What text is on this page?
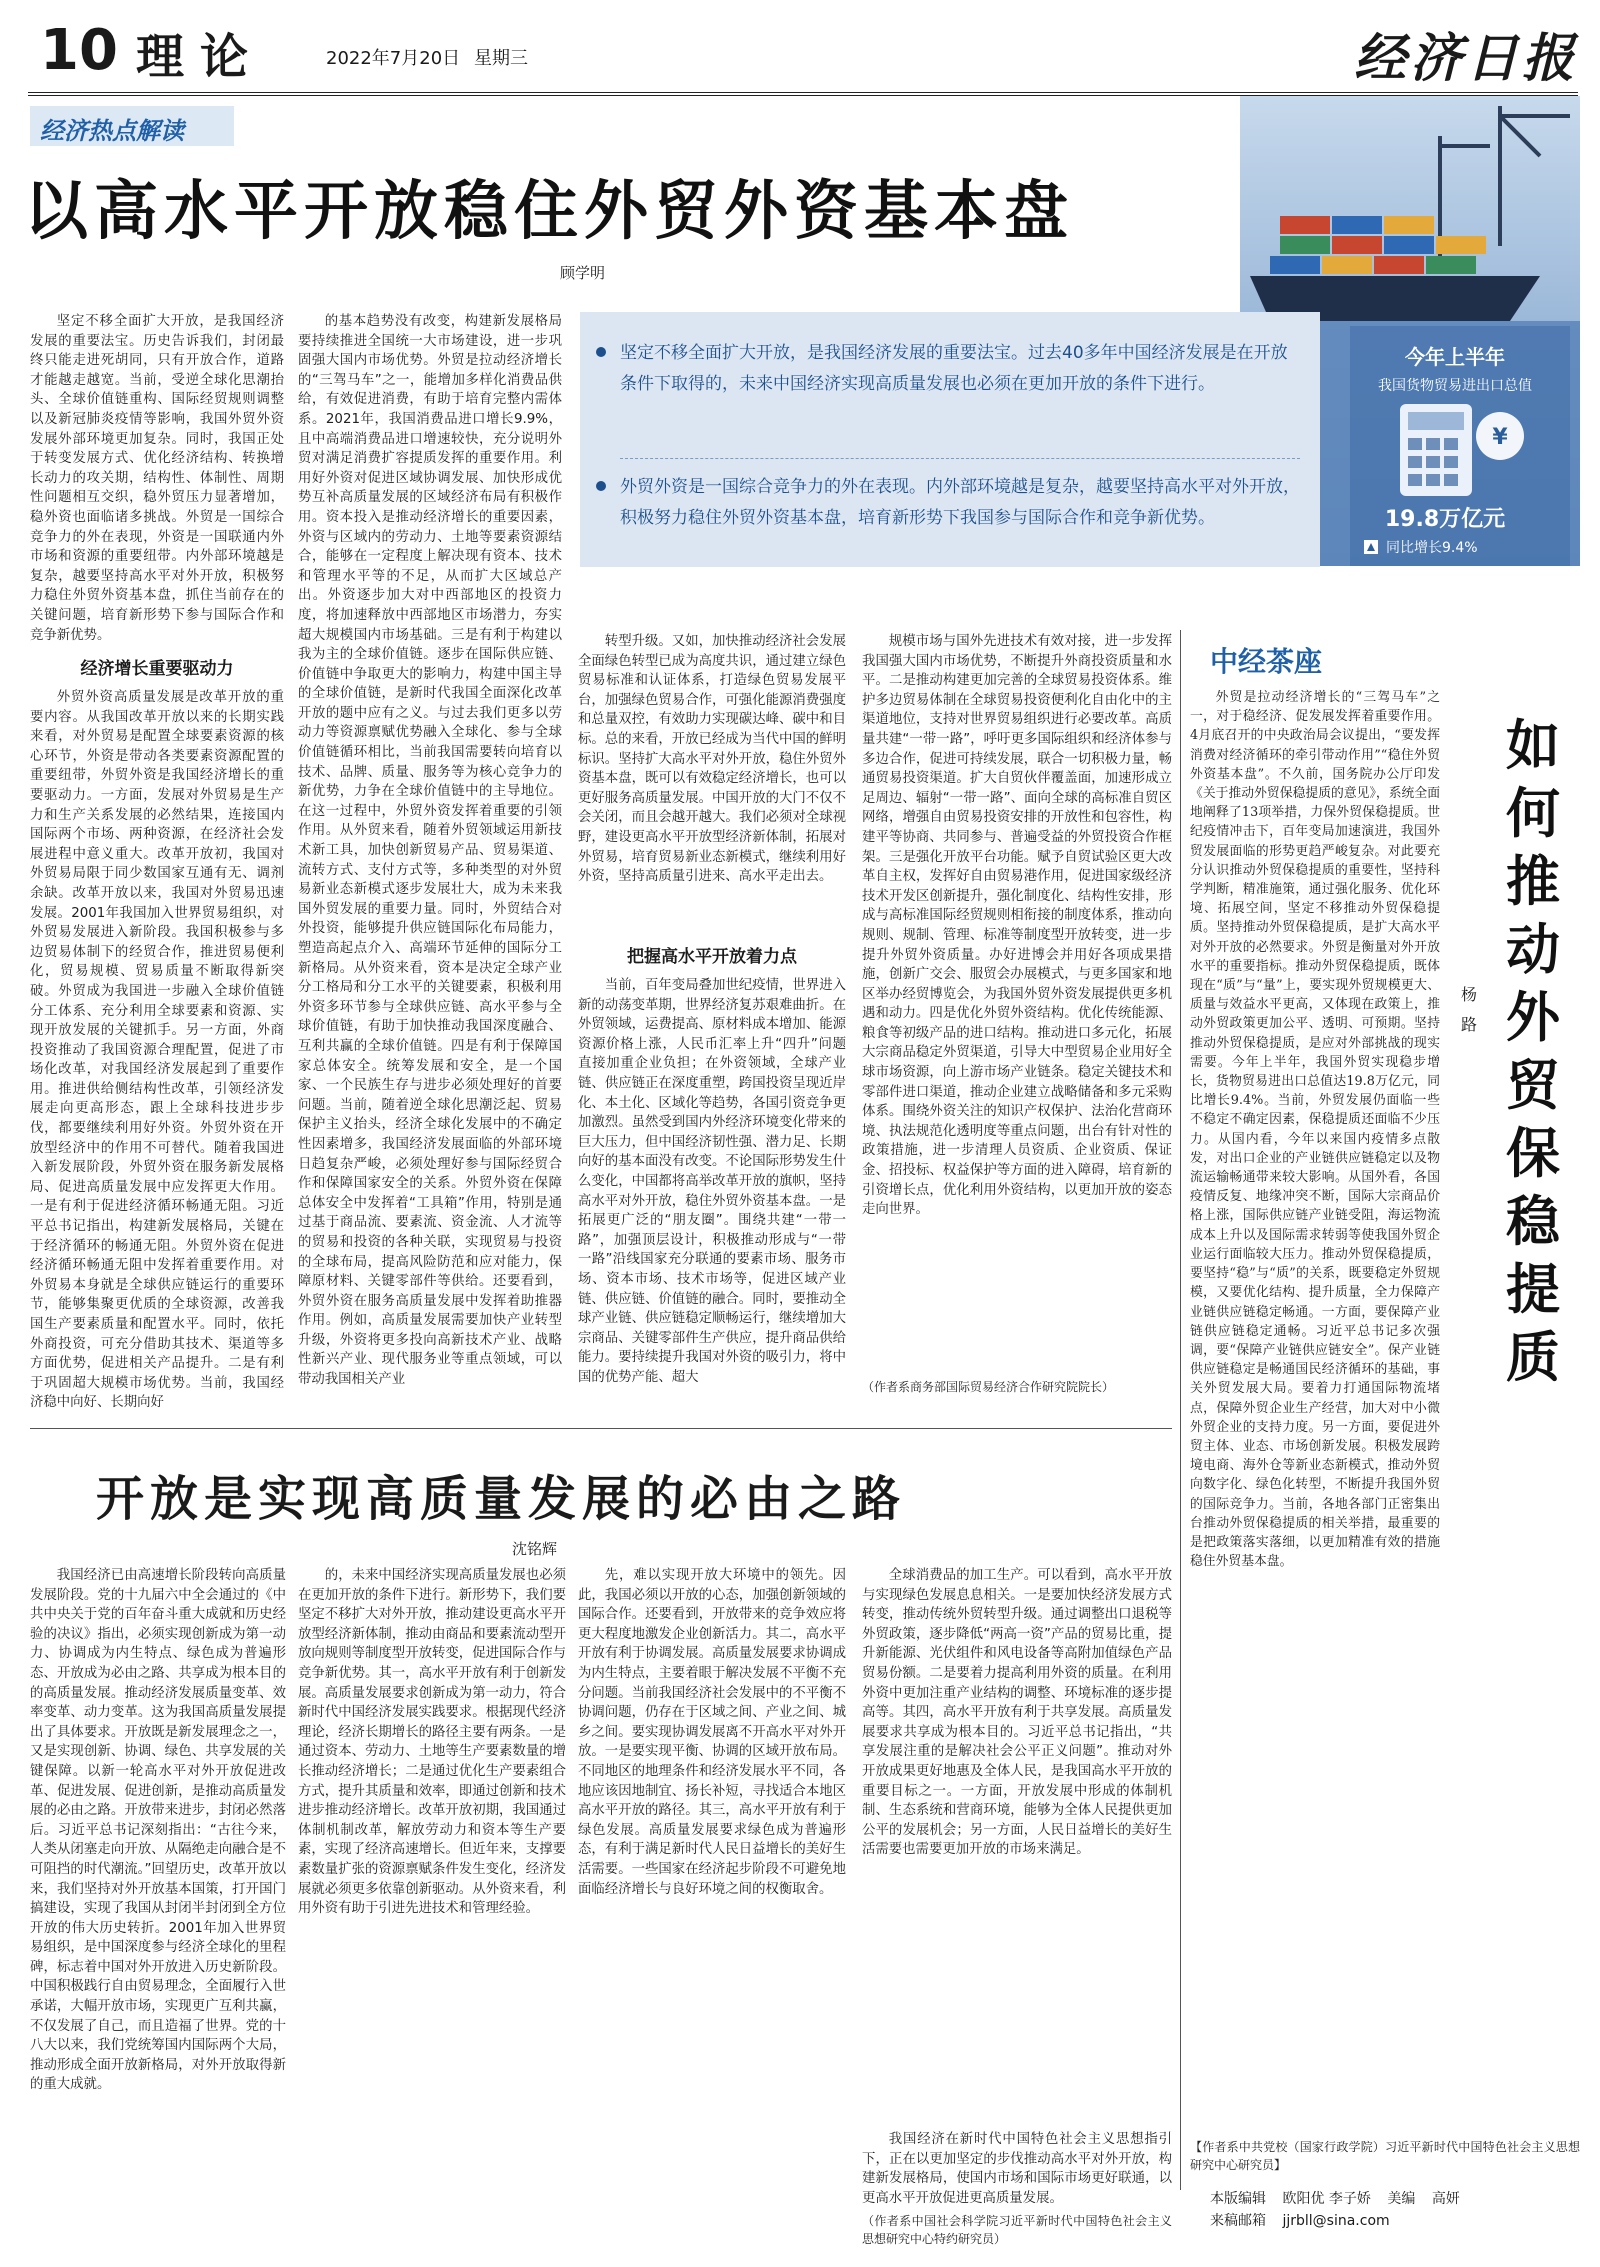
10 理论	2022年7月20日 星期三	经济日报
经济热点解读
以高水平开放稳住外贸外资基本盘
顾学明
今年上半年
我国货物贸易进出口总值
¥
19.8万亿元
同比增长9.4%
坚定不移全面扩大开放，是我国经济发展的重要法宝。过去40多年中国经济发展是在开放条件下取得的，未来中国经济实现高质量发展也必须在更加开放的条件下进行。
外贸外资是一国综合竞争力的外在表现。内外部环境越是复杂，越要坚持高水平对外开放，积极努力稳住外贸外资基本盘，培育新形势下我国参与国际合作和竞争新优势。

坚定不移全面扩大开放，是我国经济发展的重要法宝。历史告诉我们，封闭最终只能走进死胡同，只有开放合作，道路才能越走越宽。当前，受逆全球化思潮抬头、全球价值链重构、国际经贸规则调整以及新冠肺炎疫情等影响，我国外贸外资发展外部环境更加复杂。同时，我国正处于转变发展方式、优化经济结构、转换增长动力的攻关期，结构性、体制性、周期性问题相互交织，稳外贸压力显著增加，稳外资也面临诸多挑战。外贸是一国综合竞争力的外在表现，外资是一国联通内外市场和资源的重要纽带。内外部环境越是复杂，越要坚持高水平对外开放，积极努力稳住外贸外资基本盘，抓住当前存在的关键问题，培育新形势下参与国际合作和竞争新优势。

经济增长重要驱动力

外贸外资高质量发展是改革开放的重要内容。从我国改革开放以来的长期实践来看，对外贸易是配置全球要素资源的核心环节，外资是带动各类要素资源配置的重要纽带，外贸外资是我国经济增长的重要驱动力。一方面，发展对外贸易是生产力和生产关系发展的必然结果，连接国内国际两个市场、两种资源，在经济社会发展进程中意义重大。改革开放初，我国对外贸易局限于同少数国家互通有无、调剂余缺。改革开放以来，我国对外贸易迅速发展。2001年我国加入世界贸易组织，对外贸易发展进入新阶段。我国积极参与多边贸易体制下的经贸合作，推进贸易便利化，贸易规模、贸易质量不断取得新突破。外贸成为我国进一步融入全球价值链分工体系、充分利用全球要素和资源、实现开放发展的关键抓手。另一方面，外商投资推动了我国资源合理配置，促进了市场化改革，对我国经济发展起到了重要作用。推进供给侧结构性改革，引领经济发展走向更高形态，跟上全球科技进步步伐，都要继续利用好外资。外贸外资在开放型经济中的作用不可替代。随着我国进入新发展阶段，外贸外资在服务新发展格局、促进高质量发展中应发挥更大作用。一是有利于促进经济循环畅通无阻。习近平总书记指出，构建新发展格局，关键在于经济循环的畅通无阻。外贸外资在促进经济循环畅通无阻中发挥着重要作用。对外贸易本身就是全球供应链运行的重要环节，能够集聚更优质的全球资源，改善我国生产要素质量和配置水平。同时，依托外商投资，可充分借助其技术、渠道等多方面优势，促进相关产品提升。二是有利于巩固超大规模市场优势。当前，我国经济稳中向好、长期向好

的基本趋势没有改变，构建新发展格局要持续推进全国统一大市场建设，进一步巩固强大国内市场优势。外贸是拉动经济增长的“三驾马车”之一，能增加多样化消费品供给，有效促进消费，有助于培育完整内需体系。2021年，我国消费品进口增长9.9%，且中高端消费品进口增速较快，充分说明外贸对满足消费扩容提质发挥的重要作用。利用好外资对促进区域协调发展、加快形成优势互补高质量发展的区域经济布局有积极作用。资本投入是推动经济增长的重要因素，外资与区域内的劳动力、土地等要素资源结合，能够在一定程度上解决现有资本、技术和管理水平等的不足，从而扩大区域总产出。外资逐步加大对中西部地区的投资力度，将加速释放中西部地区市场潜力，夯实超大规模国内市场基础。三是有利于构建以我为主的全球价值链。逐步在国际供应链、价值链中争取更大的影响力，构建中国主导的全球价值链，是新时代我国全面深化改革开放的题中应有之义。与过去我们更多以劳动力等资源禀赋优势融入全球化、参与全球价值链循环相比，当前我国需要转向培育以技术、品牌、质量、服务等为核心竞争力的新优势，力争在全球价值链中的主导地位。在这一过程中，外贸外资发挥着重要的引领作用。从外贸来看，随着外贸领域运用新技术新工具，加快创新贸易产品、贸易渠道、流转方式、支付方式等，多种类型的对外贸易新业态新模式逐步发展壮大，成为未来我国外贸发展的重要力量。同时，外贸结合对外投资，能够提升供应链国际化布局能力，塑造高起点介入、高端环节延伸的国际分工新格局。从外资来看，资本是决定全球产业分工格局和分工水平的关键要素，积极利用外资多环节参与全球供应链、高水平参与全球价值链，有助于加快推动我国深度融合、互利共赢的全球价值链。四是有利于保障国家总体安全。统筹发展和安全，是一个国家、一个民族生存与进步必须处理好的首要问题。当前，随着逆全球化思潮泛起、贸易保护主义抬头，经济全球化发展中的不确定性因素增多，我国经济发展面临的外部环境日趋复杂严峻，必须处理好参与国际经贸合作和保障国家安全的关系。外贸外资在保障总体安全中发挥着“工具箱”作用，特别是通过基于商品流、要素流、资金流、人才流等的贸易和投资的各种关联，实现贸易与投资的全球布局，提高风险防范和应对能力，保障原材料、关键零部件等供给。还要看到，外贸外资在服务高质量发展中发挥着助推器作用。例如，高质量发展需要加快产业转型升级，外资将更多投向高新技术产业、战略性新兴产业、现代服务业等重点领域，可以带动我国相关产业

转型升级。又如，加快推动经济社会发展全面绿色转型已成为高度共识，通过建立绿色贸易标准和认证体系，打造绿色贸易发展平台，加强绿色贸易合作，可强化能源消费强度和总量双控，有效助力实现碳达峰、碳中和目标。总的来看，开放已经成为当代中国的鲜明标识。坚持扩大高水平对外开放，稳住外贸外资基本盘，既可以有效稳定经济增长，也可以更好服务高质量发展。中国开放的大门不仅不会关闭，而且会越开越大。我们必须对全球视野，建设更高水平开放型经济新体制，拓展对外贸易，培育贸易新业态新模式，继续利用好外资，坚持高质量引进来、高水平走出去。

把握高水平开放着力点

当前，百年变局叠加世纪疫情，世界进入新的动荡变革期，世界经济复苏艰难曲折。在外贸领域，运费提高、原材料成本增加、能源资源价格上涨，人民币汇率上升“四升”问题直接加重企业负担；在外资领域，全球产业链、供应链正在深度重塑，跨国投资呈现近岸化、本土化、区域化等趋势，各国引资竞争更加激烈。虽然受到国内外经济环境变化带来的巨大压力，但中国经济韧性强、潜力足、长期向好的基本面没有改变。不论国际形势发生什么变化，中国都将高举改革开放的旗帜，坚持高水平对外开放，稳住外贸外资基本盘。一是拓展更广泛的“朋友圈”。围绕共建“一带一路”，加强顶层设计，积极推动形成与“一带一路”沿线国家充分联通的要素市场、服务市场、资本市场、技术市场等，促进区域产业链、供应链、价值链的融合。同时，要推动全球产业链、供应链稳定顺畅运行，继续增加大宗商品、关键零部件生产供应，提升商品供给能力。要持续提升我国对外资的吸引力，将中国的优势产能、超大

规模市场与国外先进技术有效对接，进一步发挥我国强大国内市场优势，不断提升外商投资质量和水平。二是推动构建更加完善的全球贸易投资体系。维护多边贸易体制在全球贸易投资便利化自由化中的主渠道地位，支持对世界贸易组织进行必要改革。高质量共建“一带一路”，呼吁更多国际组织和经济体参与多边合作，促进可持续发展，联合一切积极力量，畅通贸易投资渠道。扩大自贸伙伴覆盖面，加速形成立足周边、辐射“一带一路”、面向全球的高标准自贸区网络，增强自由贸易投资安排的开放性和包容性，构建平等协商、共同参与、普遍受益的外贸投资合作框架。三是强化开放平台功能。赋予自贸试验区更大改革自主权，发挥好自由贸易港作用，促进国家级经济技术开发区创新提升，强化制度化、结构性安排，形成与高标准国际经贸规则相衔接的制度体系，推动向规则、规制、管理、标准等制度型开放转变，进一步提升外贸外资质量。办好进博会并用好各项成果措施，创新广交会、服贸会办展模式，与更多国家和地区举办经贸博览会，为我国外贸外资发展提供更多机遇和动力。四是优化外贸外资结构。优化传统能源、粮食等初级产品的进口结构。推动进口多元化，拓展大宗商品稳定外贸渠道，引导大中型贸易企业用好全球市场资源，向上游市场产业链条。稳定关键技术和零部件进口渠道，推动企业建立战略储备和多元采购体系。围绕外资关注的知识产权保护、法治化营商环境、执法规范化透明度等重点问题，出台有针对性的政策措施，进一步清理人员资质、企业资质、保证金、招投标、权益保护等方面的进入障碍，培育新的引资增长点，优化利用外资结构，以更加开放的姿态走向世界。

（作者系商务部国际贸易经济合作研究院院长）
中经茶座
如何推动外贸保稳提质
杨路

外贸是拉动经济增长的“三驾马车”之一，对于稳经济、促发展发挥着重要作用。4月底召开的中央政治局会议提出，“要发挥消费对经济循环的牵引带动作用”“稳住外贸外资基本盘”。不久前，国务院办公厅印发《关于推动外贸保稳提质的意见》，系统全面地阐释了13项举措，力保外贸保稳提质。世纪疫情冲击下，百年变局加速演进，我国外贸发展面临的形势更趋严峻复杂。对此要充分认识推动外贸保稳提质的重要性，坚持科学判断，精准施策，通过强化服务、优化环境、拓展空间，坚定不移推动外贸保稳提质。坚持推动外贸保稳提质，是扩大高水平对外开放的必然要求。外贸是衡量对外开放水平的重要指标。推动外贸保稳提质，既体现在“质”与“量”上，要实现外贸规模更大、质量与效益水平更高，又体现在政策上，推动外贸政策更加公平、透明、可预期。坚持推动外贸保稳提质，是应对外部挑战的现实需要。今年上半年，我国外贸实现稳步增长，货物贸易进出口总值达19.8万亿元，同比增长9.4%。当前，外贸发展仍面临一些不稳定不确定因素，保稳提质还面临不少压力。从国内看，今年以来国内疫情多点散发，对出口企业的产业链供应链稳定以及物流运输畅通带来较大影响。从国外看，各国疫情反复、地缘冲突不断，国际大宗商品价格上涨，国际供应链产业链受阻，海运物流成本上升以及国际需求转弱等使我国外贸企业运行面临较大压力。推动外贸保稳提质，要坚持“稳”与“质”的关系，既要稳定外贸规模，又要优化结构、提升质量，全力保障产业链供应链稳定畅通。一方面，要保障产业链供应链稳定通畅。习近平总书记多次强调，要“保障产业链供应链安全”。保产业链供应链稳定是畅通国民经济循环的基础，事关外贸发展大局。要着力打通国际物流堵点，保障外贸企业生产经营，加大对中小微外贸企业的支持力度。另一方面，要促进外贸主体、业态、市场创新发展。积极发展跨境电商、海外仓等新业态新模式，推动外贸向数字化、绿色化转型，不断提升我国外贸的国际竞争力。当前，各地各部门正密集出台推动外贸保稳提质的相关举措，最重要的是把政策落实落细，以更加精准有效的措施稳住外贸基本盘。

【作者系中共党校（国家行政学院）习近平新时代中国特色社会主义思想研究中心研究员】
开放是实现高质量发展的必由之路
沈铭辉

我国经济已由高速增长阶段转向高质量发展阶段。党的十九届六中全会通过的《中共中央关于党的百年奋斗重大成就和历史经验的决议》指出，必须实现创新成为第一动力、协调成为内生特点、绿色成为普遍形态、开放成为必由之路、共享成为根本目的的高质量发展。推动经济发展质量变革、效率变革、动力变革。这为我国高质量发展提出了具体要求。开放既是新发展理念之一，又是实现创新、协调、绿色、共享发展的关键保障。以新一轮高水平对外开放促进改革、促进发展、促进创新，是推动高质量发展的必由之路。开放带来进步，封闭必然落后。习近平总书记深刻指出：“古往今来，人类从闭塞走向开放、从隔绝走向融合是不可阻挡的时代潮流。”回望历史，改革开放以来，我们坚持对外开放基本国策，打开国门搞建设，实现了我国从封闭半封闭到全方位开放的伟大历史转折。2001年加入世界贸易组织，是中国深度参与经济全球化的里程碑，标志着中国对外开放进入历史新阶段。中国积极践行自由贸易理念，全面履行入世承诺，大幅开放市场，实现更广互利共赢，不仅发展了自己，而且造福了世界。党的十八大以来，我们党统筹国内国际两个大局，推动形成全面开放新格局，对外开放取得新的重大成就。

的，未来中国经济实现高质量发展也必须在更加开放的条件下进行。新形势下，我们要坚定不移扩大对外开放，推动建设更高水平开放型经济新体制，推动由商品和要素流动型开放向规则等制度型开放转变，促进国际合作与竞争新优势。其一，高水平开放有利于创新发展。高质量发展要求创新成为第一动力，符合新时代中国经济发展实践要求。根据现代经济理论，经济长期增长的路径主要有两条。一是通过资本、劳动力、土地等生产要素数量的增长推动经济增长；二是通过优化生产要素组合方式，提升其质量和效率，即通过创新和技术进步推动经济增长。改革开放初期，我国通过体制机制改革，解放劳动力和资本等生产要素，实现了经济高速增长。但近年来，支撑要素数量扩张的资源禀赋条件发生变化，经济发展就必须更多依靠创新驱动。从外资来看，利用外资有助于引进先进技术和管理经验。

先，难以实现开放大环境中的领先。因此，我国必须以开放的心态，加强创新领域的国际合作。还要看到，开放带来的竞争效应将更大程度地激发企业创新活力。其二，高水平开放有利于协调发展。高质量发展要求协调成为内生特点，主要着眼于解决发展不平衡不充分问题。当前我国经济社会发展中的不平衡不协调问题，仍存在于区域之间、产业之间、城乡之间。要实现协调发展离不开高水平对外开放。一是要实现平衡、协调的区域开放布局。不同地区的地理条件和经济发展水平不同，各地应该因地制宜、扬长补短，寻找适合本地区高水平开放的路径。其三，高水平开放有利于绿色发展。高质量发展要求绿色成为普遍形态，有利于满足新时代人民日益增长的美好生活需要。一些国家在经济起步阶段不可避免地面临经济增长与良好环境之间的权衡取舍。

全球消费品的加工生产。可以看到，高水平开放与实现绿色发展息息相关。一是要加快经济发展方式转变，推动传统外贸转型升级。通过调整出口退税等外贸政策，逐步降低“两高一资”产品的贸易比重，提升新能源、光伏组件和风电设备等高附加值绿色产品贸易份额。二是要着力提高利用外资的质量。在利用外资中更加注重产业结构的调整、环境标准的逐步提高等。其四，高水平开放有利于共享发展。高质量发展要求共享成为根本目的。习近平总书记指出，“共享发展注重的是解决社会公平正义问题”。推动对外开放成果更好地惠及全体人民，是我国高水平开放的重要目标之一。一方面，开放发展中形成的体制机制、生态系统和营商环境，能够为全体人民提供更加公平的发展机会；另一方面，人民日益增长的美好生活需要也需要更加开放的市场来满足。

我国经济在新时代中国特色社会主义思想指引下，正在以更加坚定的步伐推动高水平对外开放，构建新发展格局，使国内市场和国际市场更好联通，以更高水平开放促进更高质量发展。

（作者系中国社会科学院习近平新时代中国特色社会主义思想研究中心特约研究员）
本版编辑 欧阳优 李子娇 美编 高妍
来稿邮箱 jjrbll@sina.com
